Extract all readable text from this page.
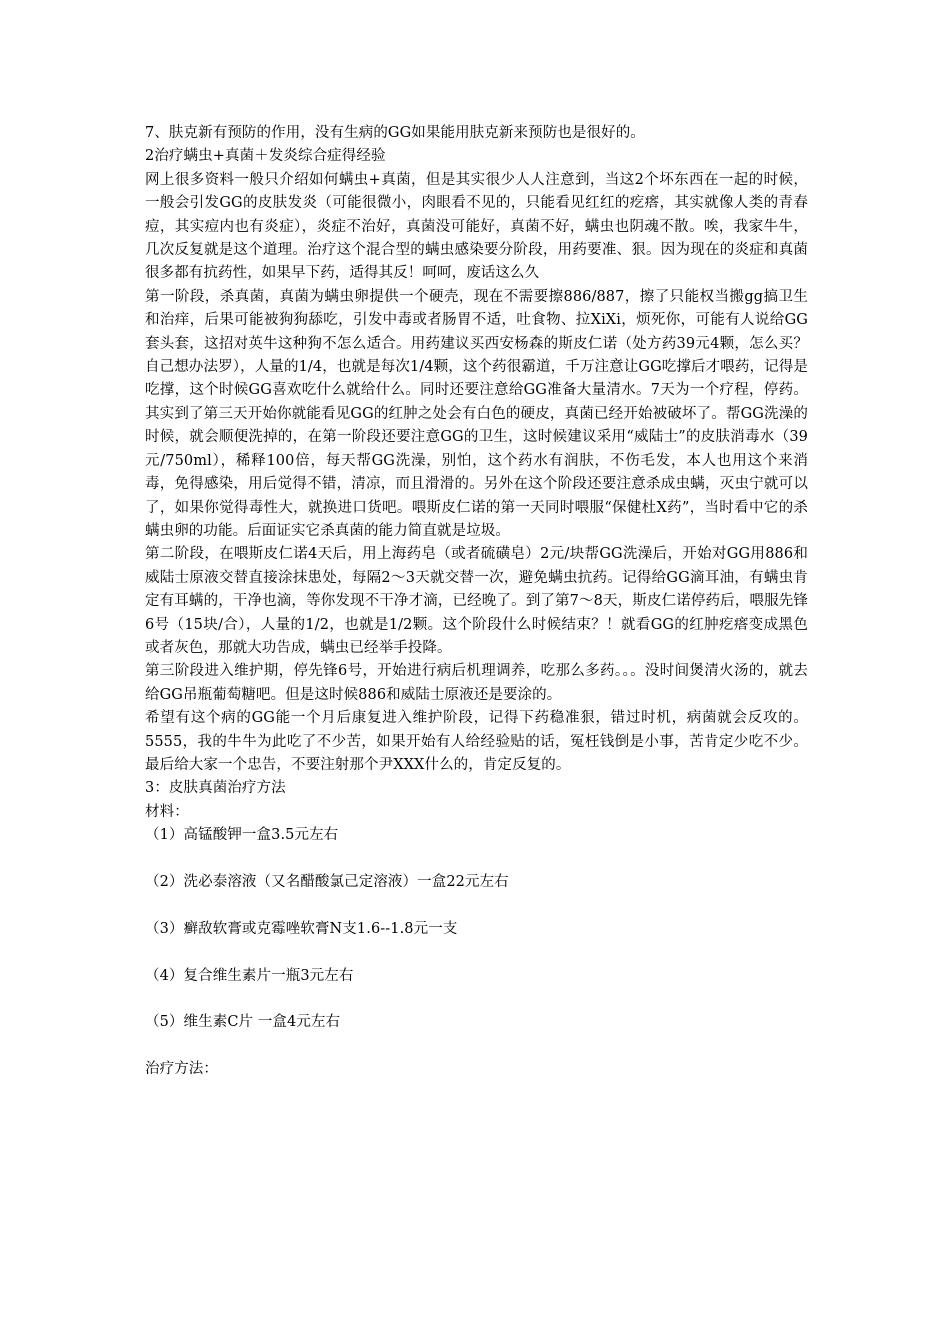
7、肤克新有预防的作用，没有生病的GG如果能用肤克新来预防也是很好的。

2治疗螨虫+真菌＋发炎综合症得经验

网上很多资料一般只介绍如何螨虫+真菌，但是其实很少人人注意到，当这2个坏东西在一起的时候，一般会引发GG的皮肤发炎（可能很微小，肉眼看不见的，只能看见红红的疙瘩，其实就像人类的青春痘，其实痘内也有炎症），炎症不治好，真菌没可能好，真菌不好，螨虫也阴魂不散。唉，我家牛牛，几次反复就是这个道理。治疗这个混合型的螨虫感染要分阶段，用药要准、狠。因为现在的炎症和真菌很多都有抗药性，如果早下药，适得其反！呵呵，废话这么久

第一阶段，杀真菌，真菌为螨虫卵提供一个硬壳，现在不需要擦886/887，擦了只能权当搬gg搞卫生和治痒，后果可能被狗狗舔吃，引发中毒或者肠胃不适，吐食物、拉XiXi，烦死你，可能有人说给GG套头套，这招对英牛这种狗不怎么适合。用药建议买西安杨森的斯皮仁诺（处方药39元4颗，怎么买？自己想办法罗），人量的1/4，也就是每次1/4颗，这个药很霸道，千万注意让GG吃撑后才喂药，记得是吃撑，这个时候GG喜欢吃什么就给什么。同时还要注意给GG准备大量清水。7天为一个疗程，停药。其实到了第三天开始你就能看见GG的红肿之处会有白色的硬皮，真菌已经开始被破坏了。帮GG洗澡的时候，就会顺便洗掉的，在第一阶段还要注意GG的卫生，这时候建议采用“威陆士”的皮肤消毒水（39元/750ml），稀释100倍，每天帮GG洗澡，别怕，这个药水有润肤，不伤毛发，本人也用这个来消毒，免得感染，用后觉得不错，清凉，而且滑滑的。另外在这个阶段还要注意杀成虫螨，灭虫宁就可以了，如果你觉得毒性大，就换进口货吧。喂斯皮仁诺的第一天同时喂服“保健杜X药”，当时看中它的杀螨虫卵的功能。后面证实它杀真菌的能力简直就是垃圾。

第二阶段，在喂斯皮仁诺4天后，用上海药皂（或者硫磺皂）2元/块帮GG洗澡后，开始对GG用886和威陆士原液交替直接涂抹患处，每隔2～3天就交替一次，避免螨虫抗药。记得给GG滴耳油，有螨虫肯定有耳螨的，干净也滴，等你发现不干净才滴，已经晚了。到了第7～8天，斯皮仁诺停药后，喂服先锋6号（15块/合），人量的1/2，也就是1/2颗。这个阶段什么时候结束？！就看GG的红肿疙瘩变成黑色或者灰色，那就大功告成，螨虫已经举手投降。

第三阶段进入维护期，停先锋6号，开始进行病后机理调养，吃那么多药。。。没时间煲清火汤的，就去给GG吊瓶葡萄糖吧。但是这时候886和威陆士原液还是要涂的。

希望有这个病的GG能一个月后康复进入维护阶段，记得下药稳准狠，错过时机，病菌就会反攻的。5555，我的牛牛为此吃了不少苦，如果开始有人给经验贴的话，冤枉钱倒是小事，苦肯定少吃不少。最后给大家一个忠告，不要注射那个尹XXX什么的，肯定反复的。

3：皮肤真菌治疗方法

材料：

（1）高锰酸钾一盒3.5元左右

（2）洗必泰溶液（又名醋酸氯己定溶液）一盒22元左右

（3）癣敌软膏或克霉唑软膏N支1.6--1.8元一支

（4）复合维生素片一瓶3元左右

（5）维生素C片 一盒4元左右

治疗方法：
